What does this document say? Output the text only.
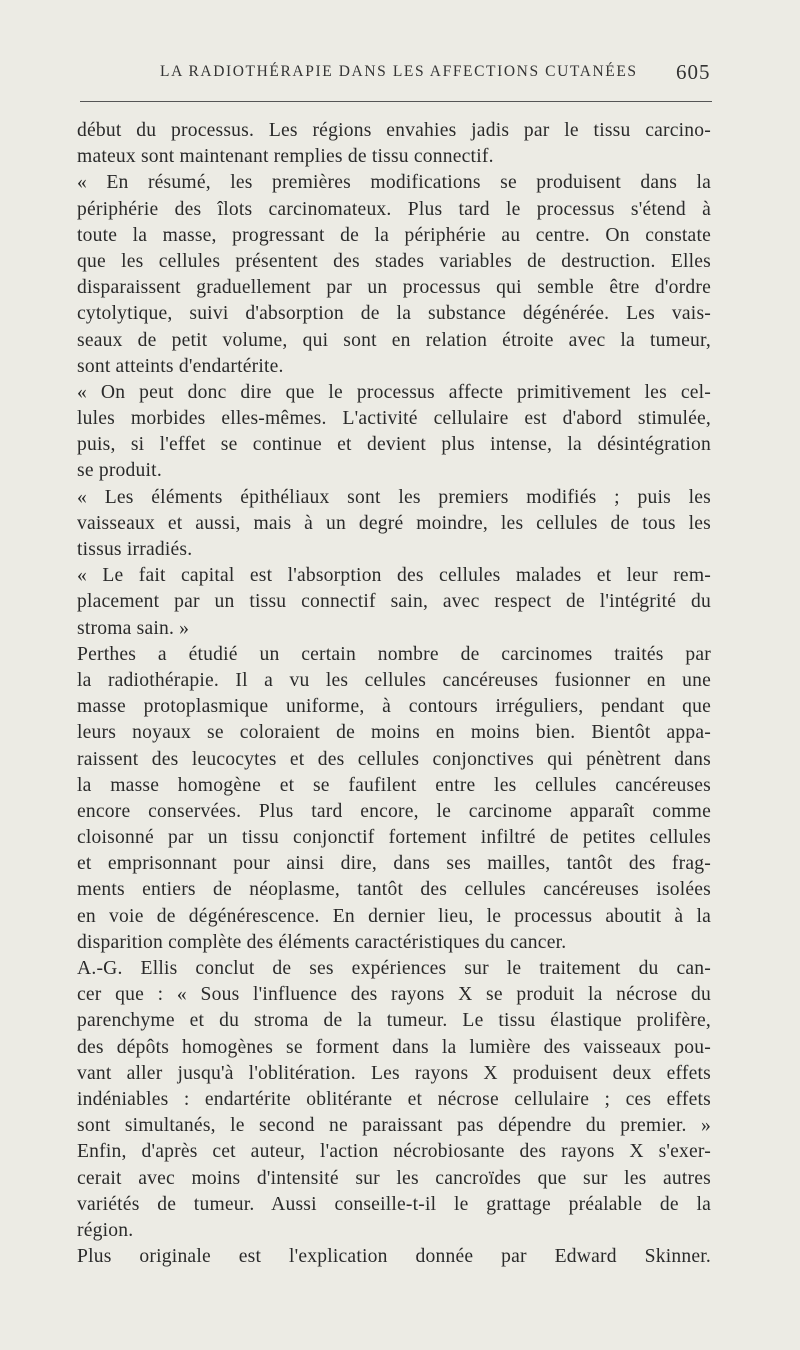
LA RADIOTHÉRAPIE DANS LES AFFECTIONS CUTANÉES 605
début du processus. Les régions envahies jadis par le tissu carcino-
mateux sont maintenant remplies de tissu connectif.
« En résumé, les premières modifications se produisent dans la
périphérie des îlots carcinomateux. Plus tard le processus s'étend à
toute la masse, progressant de la périphérie au centre. On constate
que les cellules présentent des stades variables de destruction. Elles
disparaissent graduellement par un processus qui semble être d'ordre
cytolytique, suivi d'absorption de la substance dégénérée. Les vais-
seaux de petit volume, qui sont en relation étroite avec la tumeur,
sont atteints d'endartérite.
« On peut donc dire que le processus affecte primitivement les cel-
lules morbides elles-mêmes. L'activité cellulaire est d'abord stimulée,
puis, si l'effet se continue et devient plus intense, la désintégration
se produit.
« Les éléments épithéliaux sont les premiers modifiés ; puis les
vaisseaux et aussi, mais à un degré moindre, les cellules de tous les
tissus irradiés.
« Le fait capital est l'absorption des cellules malades et leur rem-
placement par un tissu connectif sain, avec respect de l'intégrité du
stroma sain. »
Perthes a étudié un certain nombre de carcinomes traités par
la radiothérapie. Il a vu les cellules cancéreuses fusionner en une
masse protoplasmique uniforme, à contours irréguliers, pendant que
leurs noyaux se coloraient de moins en moins bien. Bientôt appa-
raissent des leucocytes et des cellules conjonctives qui pénètrent dans
la masse homogène et se faufilent entre les cellules cancéreuses
encore conservées. Plus tard encore, le carcinome apparaît comme
cloisonné par un tissu conjonctif fortement infiltré de petites cellules
et emprisonnant pour ainsi dire, dans ses mailles, tantôt des frag-
ments entiers de néoplasme, tantôt des cellules cancéreuses isolées
en voie de dégénérescence. En dernier lieu, le processus aboutit à la
disparition complète des éléments caractéristiques du cancer.
A.-G. Ellis conclut de ses expériences sur le traitement du can-
cer que : « Sous l'influence des rayons X se produit la nécrose du
parenchyme et du stroma de la tumeur. Le tissu élastique prolifère,
des dépôts homogènes se forment dans la lumière des vaisseaux pou-
vant aller jusqu'à l'oblitération. Les rayons X produisent deux effets
indéniables : endartérite oblitérante et nécrose cellulaire ; ces effets
sont simultanés, le second ne paraissant pas dépendre du premier. »
Enfin, d'après cet auteur, l'action nécrobiosante des rayons X s'exer-
cerait avec moins d'intensité sur les cancroïdes que sur les autres
variétés de tumeur. Aussi conseille-t-il le grattage préalable de la
région.
Plus originale est l'explication donnée par Edward Skinner.
